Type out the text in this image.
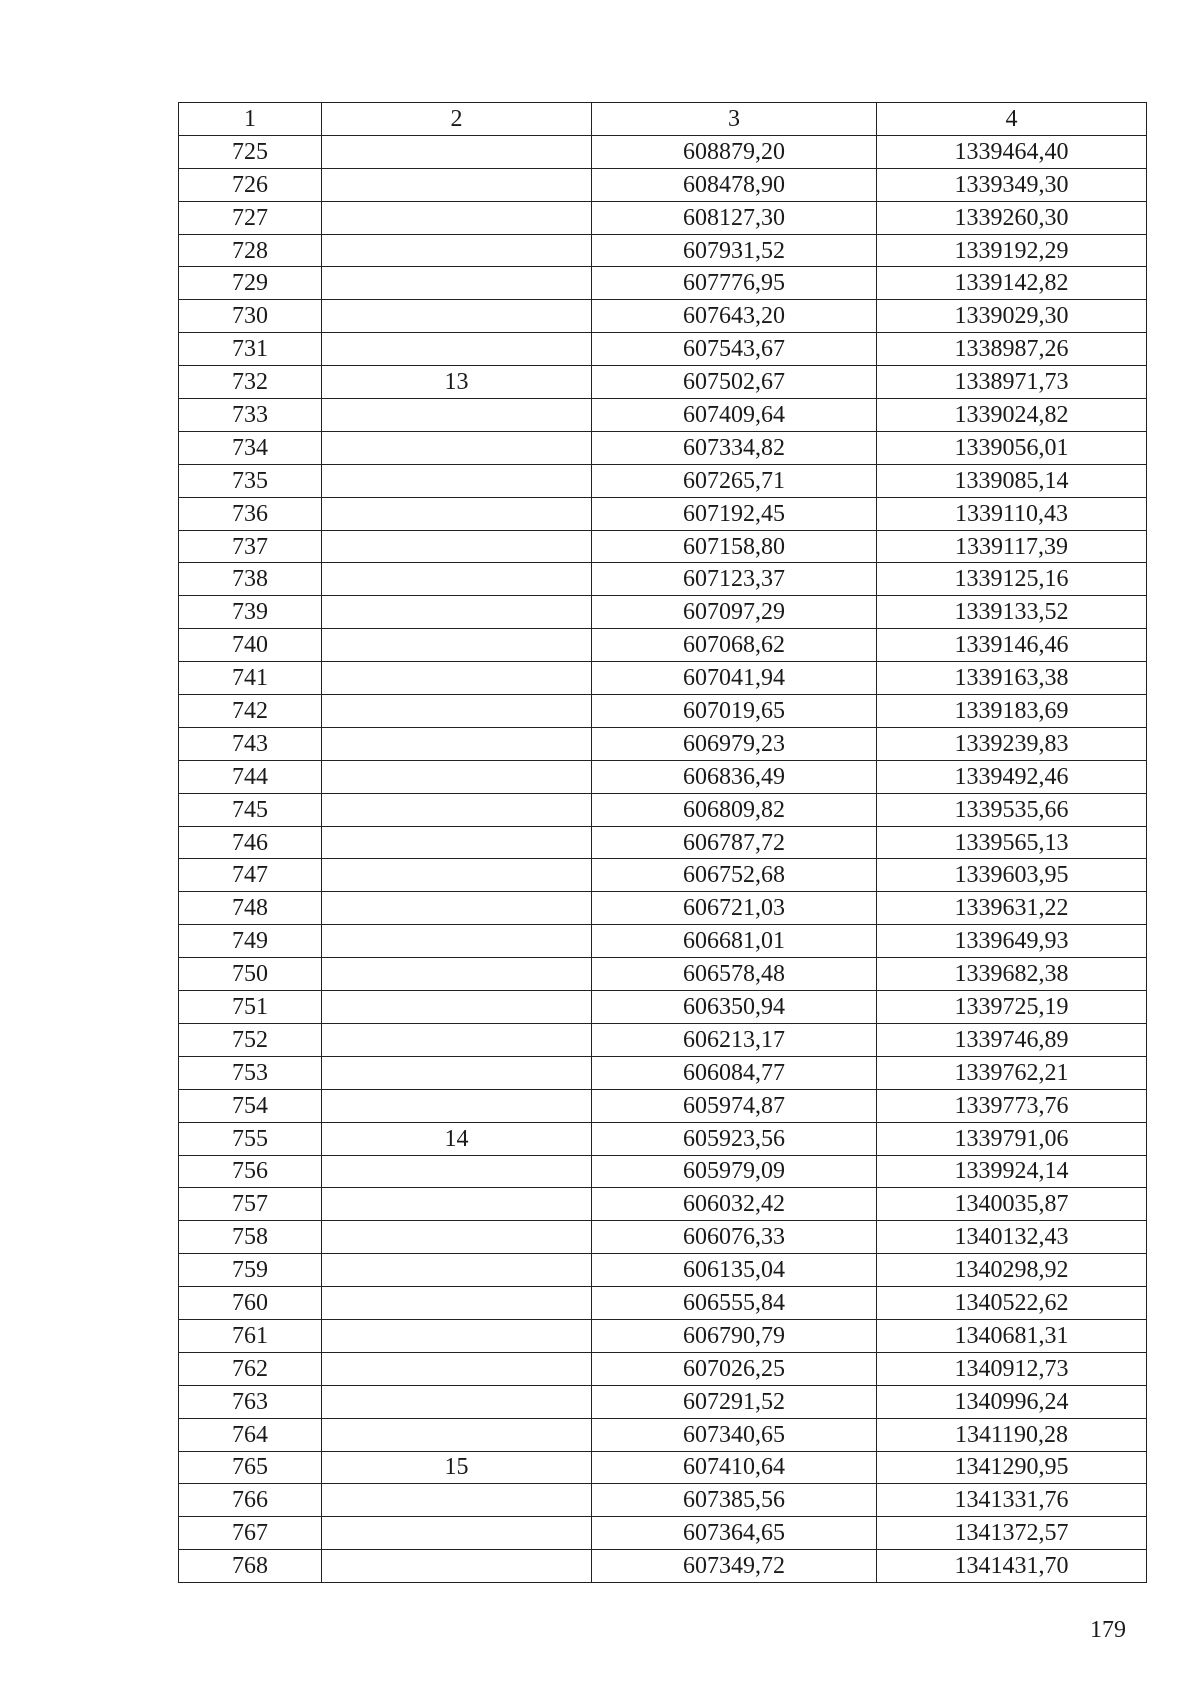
1	2	3	4
725		608879,20	1339464,40
726		608478,90	1339349,30
727		608127,30	1339260,30
728		607931,52	1339192,29
729		607776,95	1339142,82
730		607643,20	1339029,30
731		607543,67	1338987,26
732	13	607502,67	1338971,73
733		607409,64	1339024,82
734		607334,82	1339056,01
735		607265,71	1339085,14
736		607192,45	1339110,43
737		607158,80	1339117,39
738		607123,37	1339125,16
739		607097,29	1339133,52
740		607068,62	1339146,46
741		607041,94	1339163,38
742		607019,65	1339183,69
743		606979,23	1339239,83
744		606836,49	1339492,46
745		606809,82	1339535,66
746		606787,72	1339565,13
747		606752,68	1339603,95
748		606721,03	1339631,22
749		606681,01	1339649,93
750		606578,48	1339682,38
751		606350,94	1339725,19
752		606213,17	1339746,89
753		606084,77	1339762,21
754		605974,87	1339773,76
755	14	605923,56	1339791,06
756		605979,09	1339924,14
757		606032,42	1340035,87
758		606076,33	1340132,43
759		606135,04	1340298,92
760		606555,84	1340522,62
761		606790,79	1340681,31
762		607026,25	1340912,73
763		607291,52	1340996,24
764		607340,65	1341190,28
765	15	607410,64	1341290,95
766		607385,56	1341331,76
767		607364,65	1341372,57
768		607349,72	1341431,70
179
